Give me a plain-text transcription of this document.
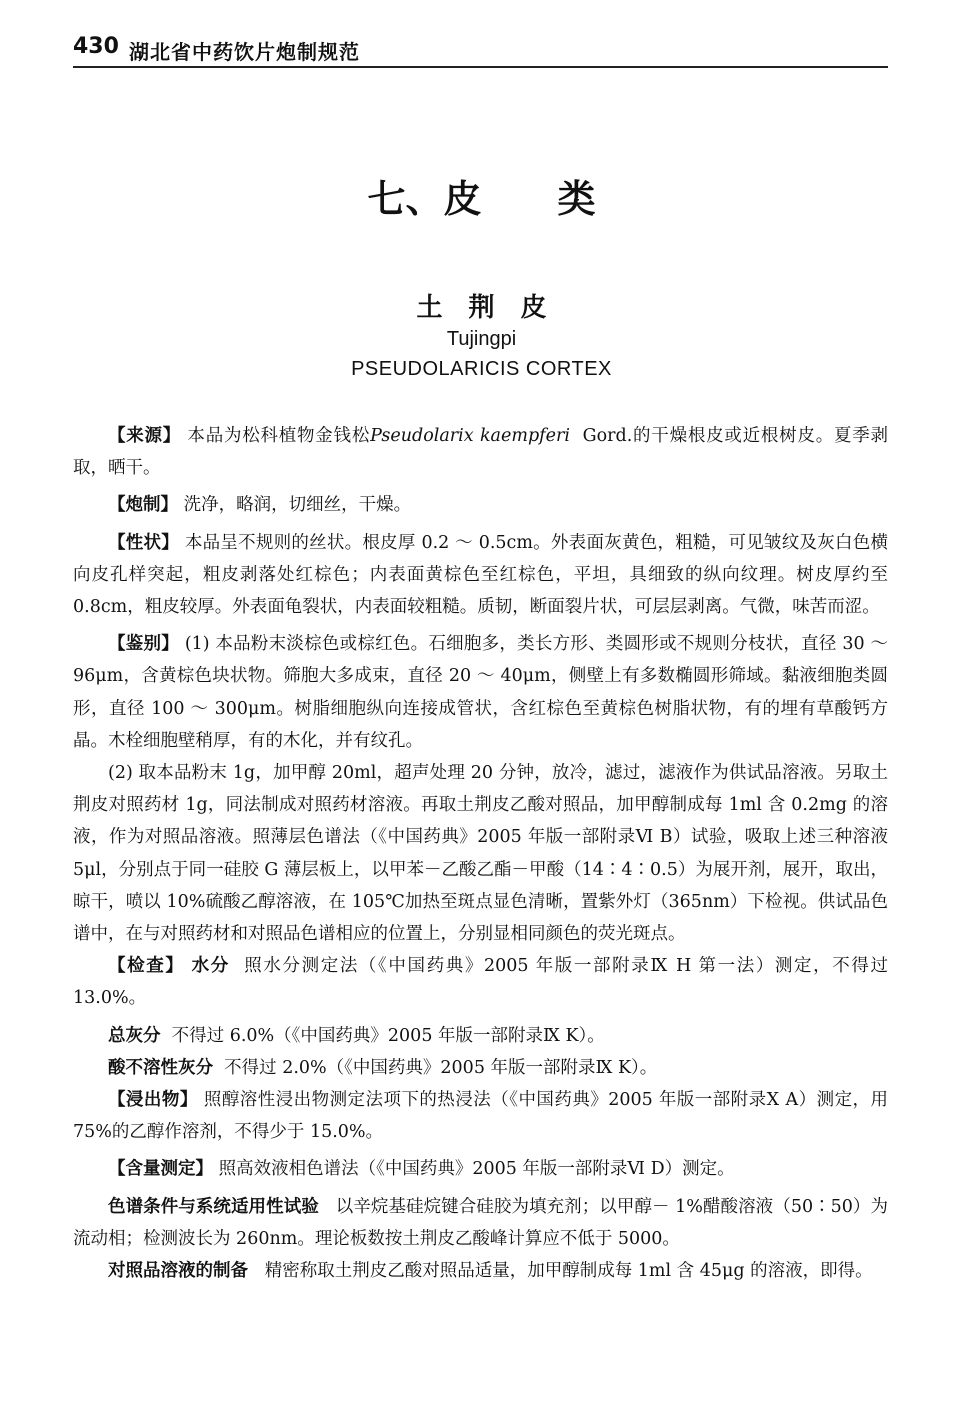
430 湖北省中药饮片炮制规范
七、皮　　类
土　荆　皮
Tujingpi
PSEUDOLARICIS CORTEX

【来源】 本品为松科植物金钱松Pseudolarix kaempferi Gord.的干燥根皮或近根树皮。夏季剥取，晒干。

【炮制】 洗净，略润，切细丝，干燥。

【性状】 本品呈不规则的丝状。根皮厚 0.2 ～ 0.5cm。外表面灰黄色，粗糙，可见皱纹及灰白色横向皮孔样突起，粗皮剥落处红棕色；内表面黄棕色至红棕色，平坦，具细致的纵向纹理。树皮厚约至 0.8cm，粗皮较厚。外表面龟裂状，内表面较粗糙。质韧，断面裂片状，可层层剥离。气微，味苦而涩。

【鉴别】 (1) 本品粉末淡棕色或棕红色。石细胞多，类长方形、类圆形或不规则分枝状，直径 30 ～ 96μm，含黄棕色块状物。筛胞大多成束，直径 20 ～ 40μm，侧壁上有多数椭圆形筛域。黏液细胞类圆形，直径 100 ～ 300μm。树脂细胞纵向连接成管状，含红棕色至黄棕色树脂状物，有的埋有草酸钙方晶。木栓细胞壁稍厚，有的木化，并有纹孔。

(2) 取本品粉末 1g，加甲醇 20ml，超声处理 20 分钟，放冷，滤过，滤液作为供试品溶液。另取土荆皮对照药材 1g，同法制成对照药材溶液。再取土荆皮乙酸对照品，加甲醇制成每 1ml 含 0.2mg 的溶液，作为对照品溶液。照薄层色谱法（《中国药典》2005 年版一部附录Ⅵ B）试验，吸取上述三种溶液 5μl，分别点于同一硅胶 G 薄层板上，以甲苯－乙酸乙酯－甲酸（14∶4∶0.5）为展开剂，展开，取出，晾干，喷以 10%硫酸乙醇溶液，在 105℃加热至斑点显色清晰，置紫外灯（365nm）下检视。供试品色谱中，在与对照药材和对照品色谱相应的位置上，分别显相同颜色的荧光斑点。

【检查】 水分 照水分测定法（《中国药典》2005 年版一部附录Ⅸ H 第一法）测定，不得过 13.0%。

总灰分 不得过 6.0%（《中国药典》2005 年版一部附录Ⅸ K）。

酸不溶性灰分 不得过 2.0%（《中国药典》2005 年版一部附录Ⅸ K）。

【浸出物】 照醇溶性浸出物测定法项下的热浸法（《中国药典》2005 年版一部附录Ⅹ A）测定，用 75%的乙醇作溶剂，不得少于 15.0%。

【含量测定】 照高效液相色谱法（《中国药典》2005 年版一部附录Ⅵ D）测定。

色谱条件与系统适用性试验 以辛烷基硅烷键合硅胶为填充剂；以甲醇－ 1%醋酸溶液（50∶50）为流动相；检测波长为 260nm。理论板数按土荆皮乙酸峰计算应不低于 5000。

对照品溶液的制备 精密称取土荆皮乙酸对照品适量，加甲醇制成每 1ml 含 45μg 的溶液，即得。
